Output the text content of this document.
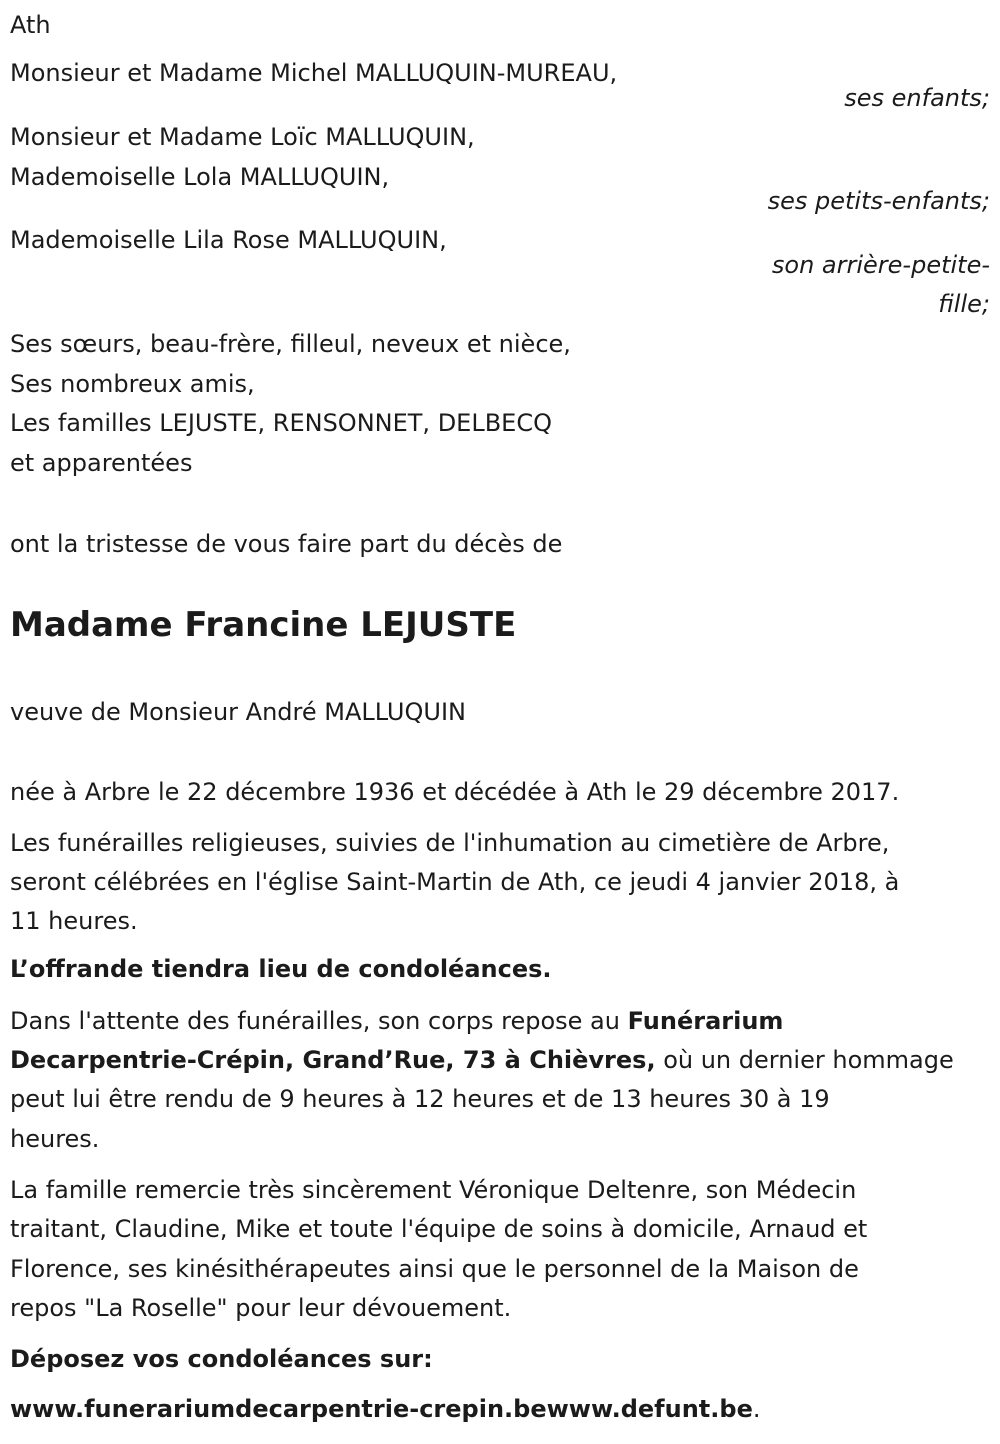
Ath
Monsieur et Madame Michel MALLUQUIN-MUREAU,
ses enfants;
Monsieur et Madame Loïc MALLUQUIN,
Mademoiselle Lola MALLUQUIN,
ses petits-enfants;
Mademoiselle Lila Rose MALLUQUIN,
son arrière-petite-
fille;
Ses sœurs, beau-frère, filleul, neveux et nièce,
Ses nombreux amis,
Les familles LEJUSTE, RENSONNET, DELBECQ
et apparentées
ont la tristesse de vous faire part du décès de
Madame Francine LEJUSTE
veuve de Monsieur André MALLUQUIN
née à Arbre le 22 décembre 1936 et décédée à Ath le 29 décembre 2017.
Les funérailles religieuses, suivies de l'inhumation au cimetière de Arbre,
seront célébrées en l'église Saint-Martin de Ath, ce jeudi 4 janvier 2018, à
11 heures.
L’offrande tiendra lieu de condoléances.
Dans l'attente des funérailles, son corps repose au Funérarium
Decarpentrie-Crépin, Grand’Rue, 73 à Chièvres, où un dernier hommage
peut lui être rendu de 9 heures à 12 heures et de 13 heures 30 à 19
heures.
La famille remercie très sincèrement Véronique Deltenre, son Médecin
traitant, Claudine, Mike et toute l'équipe de soins à domicile, Arnaud et
Florence, ses kinésithérapeutes ainsi que le personnel de la Maison de
repos "La Roselle" pour leur dévouement.
Déposez vos condoléances sur:
www.funerariumdecarpentrie-crepin.bewww.defunt.be.
